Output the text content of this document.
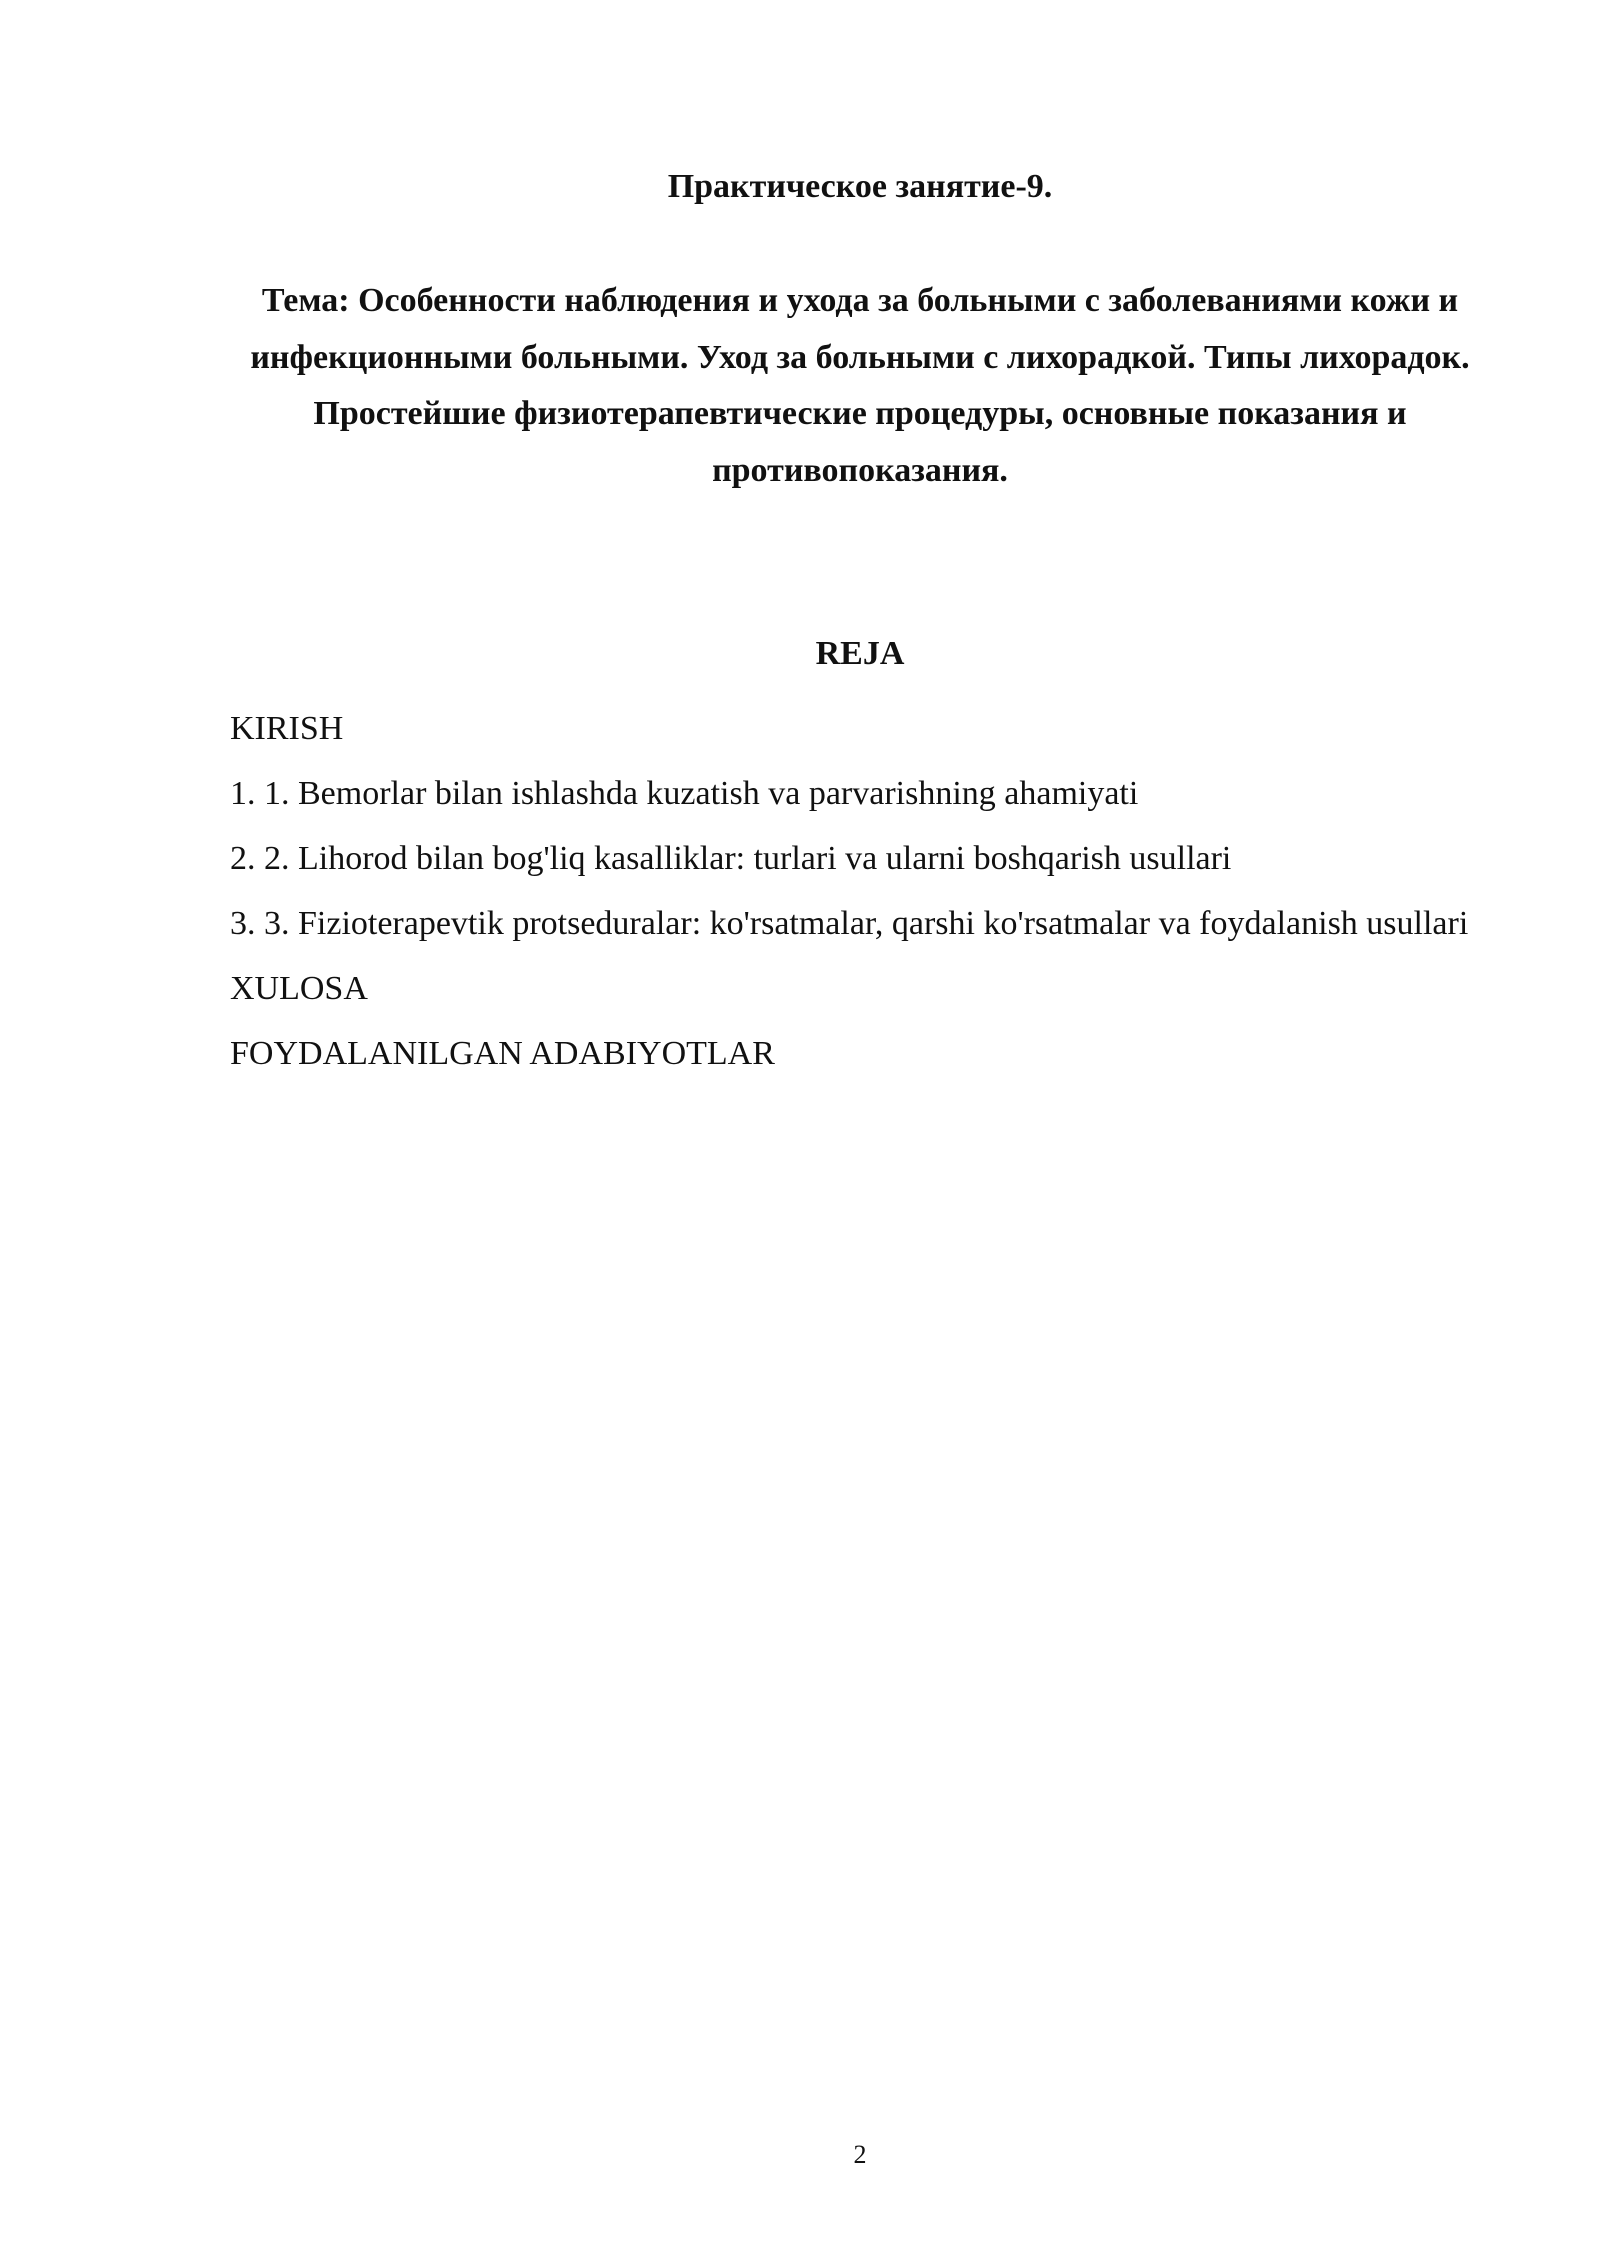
Практическое занятие-9.

Тема: Особенности наблюдения и ухода за больными с заболеваниями кожи и инфекционными больными. Уход за больными с лихорадкой. Типы лихорадок. Простейшие физиотерапевтические процедуры, основные показания и противопоказания.

REJA
KIRISH
1. 1. Bemorlar bilan ishlashda kuzatish va parvarishning ahamiyati
2. 2. Lihorod bilan bog'liq kasalliklar: turlari va ularni boshqarish usullari
3. 3. Fizioterapevtik protseduralar: ko'rsatmalar, qarshi ko'rsatmalar va foydalanish usullari
XULOSA
FOYDALANILGAN ADABIYOTLAR
2
